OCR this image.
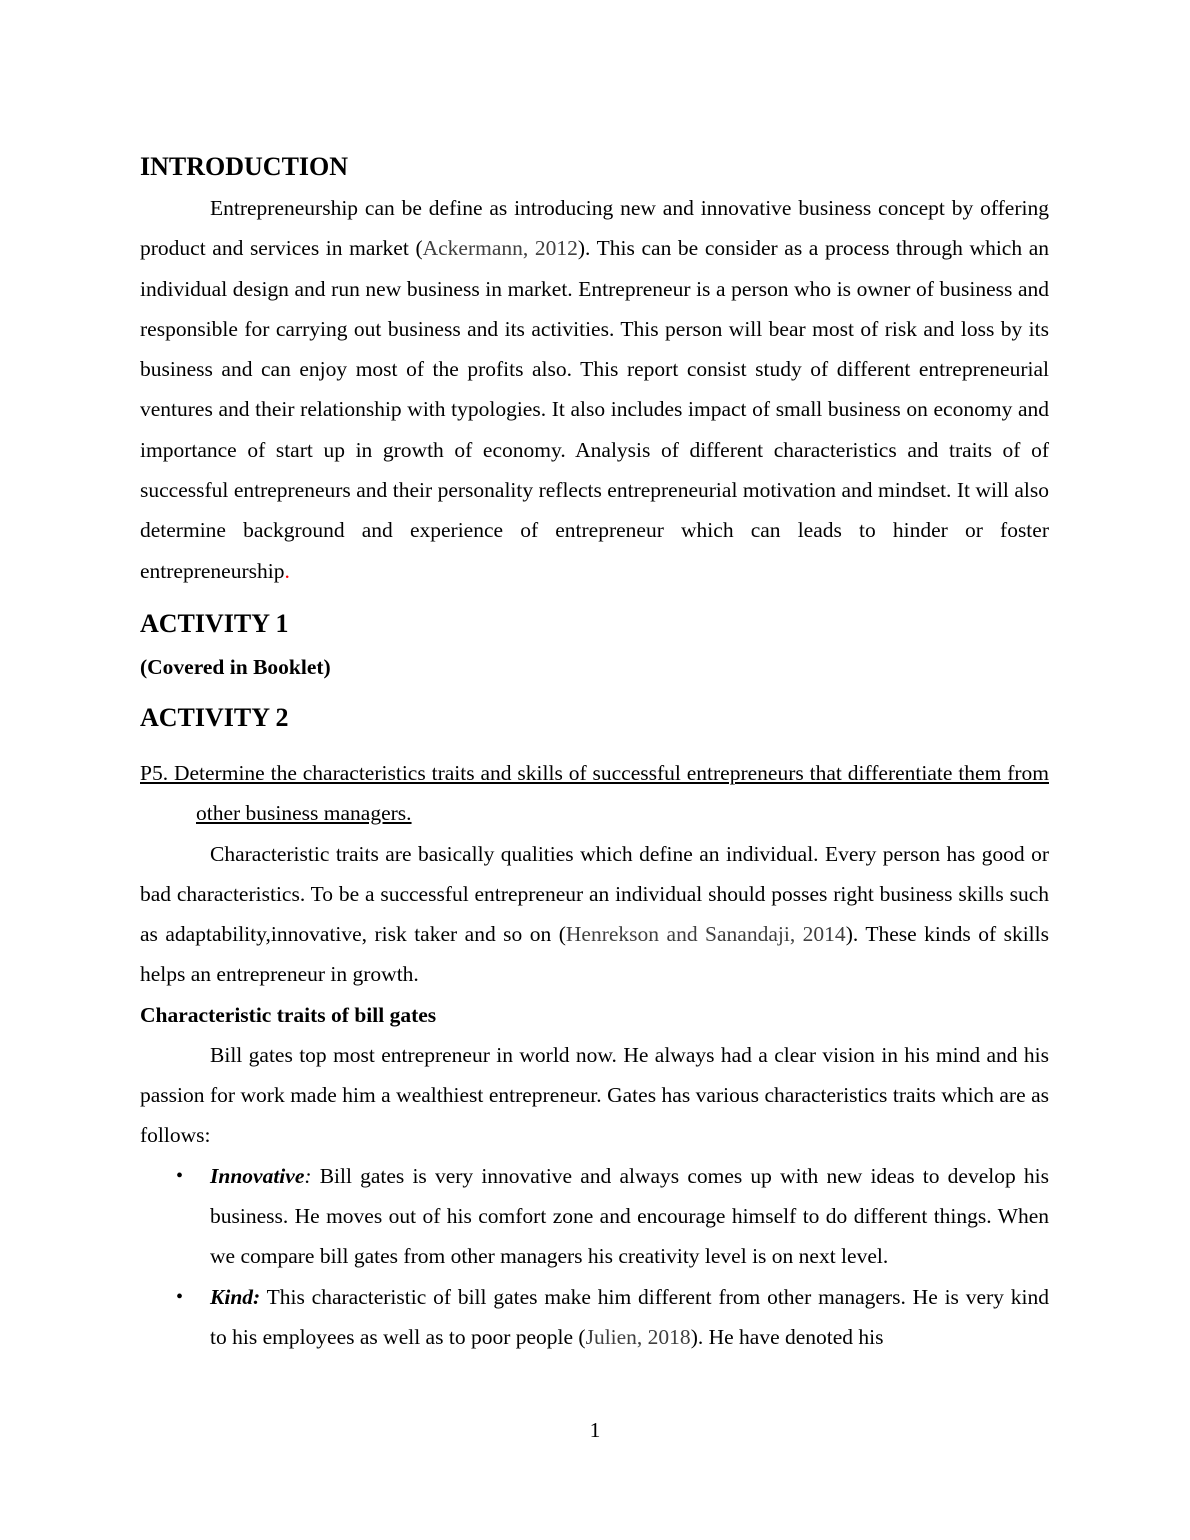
INTRODUCTION

Entrepreneurship can be define as introducing new and innovative business concept by offering product and services in market (Ackermann, 2012). This can be consider as a process through which an individual design and run new business in market. Entrepreneur is a person who is owner of business and responsible for carrying out business and its activities. This person will bear most of risk and loss by its business and can enjoy most of the profits also. This report consist study of different entrepreneurial ventures and their relationship with typologies. It also includes impact of small business on economy and importance of start up in growth of economy. Analysis of different characteristics and traits of of successful entrepreneurs and their personality reflects entrepreneurial motivation and mindset. It will also determine background and experience of entrepreneur which can leads to hinder or foster entrepreneurship.

ACTIVITY 1

(Covered in Booklet)

ACTIVITY 2

P5. Determine the characteristics traits and skills of successful entrepreneurs that differentiate them from other business managers.

Characteristic traits are basically qualities which define an individual. Every person has good or bad characteristics. To be a successful entrepreneur an individual should posses right business skills such as adaptability,innovative, risk taker and so on (Henrekson and Sanandaji, 2014). These kinds of skills helps an entrepreneur in growth.

Characteristic traits of bill gates

Bill gates top most entrepreneur in world now. He always had a clear vision in his mind and his passion for work made him a wealthiest entrepreneur. Gates has various characteristics traits which are as follows:

• Innovative: Bill gates is very innovative and always comes up with new ideas to develop his business. He moves out of his comfort zone and encourage himself to do different things. When we compare bill gates from other managers his creativity level is on next level.
• Kind: This characteristic of bill gates make him different from other managers. He is very kind to his employees as well as to poor people (Julien, 2018). He have denoted his
1
